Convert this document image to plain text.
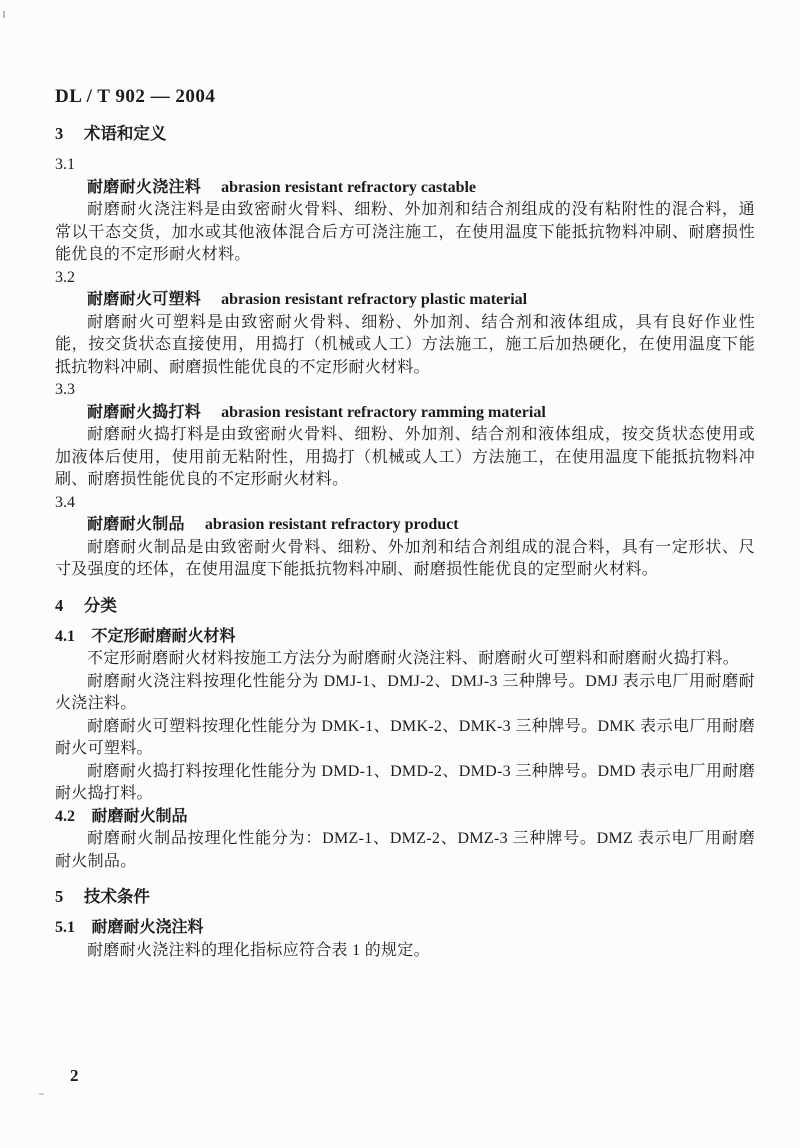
DL / T 902 — 2004
3 术语和定义
3.1
耐磨耐火浇注料 abrasion resistant refractory castable

耐磨耐火浇注料是由致密耐火骨料、细粉、外加剂和结合剂组成的没有粘附性的混合料，通常以干态交货，加水或其他液体混合后方可浇注施工，在使用温度下能抵抗物料冲刷、耐磨损性能优良的不定形耐火材料。

3.2
耐磨耐火可塑料 abrasion resistant refractory plastic material

耐磨耐火可塑料是由致密耐火骨料、细粉、外加剂、结合剂和液体组成，具有良好作业性能，按交货状态直接使用，用捣打（机械或人工）方法施工，施工后加热硬化，在使用温度下能抵抗物料冲刷、耐磨损性能优良的不定形耐火材料。

3.3
耐磨耐火捣打料 abrasion resistant refractory ramming material

耐磨耐火捣打料是由致密耐火骨料、细粉、外加剂、结合剂和液体组成，按交货状态使用或加液体后使用，使用前无粘附性，用捣打（机械或人工）方法施工，在使用温度下能抵抗物料冲刷、耐磨损性能优良的不定形耐火材料。

3.4
耐磨耐火制品 abrasion resistant refractory product

耐磨耐火制品是由致密耐火骨料、细粉、外加剂和结合剂组成的混合料，具有一定形状、尺寸及强度的坯体，在使用温度下能抵抗物料冲刷、耐磨损性能优良的定型耐火材料。

4 分类
4.1 不定形耐磨耐火材料

不定形耐磨耐火材料按施工方法分为耐磨耐火浇注料、耐磨耐火可塑料和耐磨耐火捣打料。

耐磨耐火浇注料按理化性能分为 DMJ-1、DMJ-2、DMJ-3 三种牌号。DMJ 表示电厂用耐磨耐火浇注料。

耐磨耐火可塑料按理化性能分为 DMK-1、DMK-2、DMK-3 三种牌号。DMK 表示电厂用耐磨耐火可塑料。

耐磨耐火捣打料按理化性能分为 DMD-1、DMD-2、DMD-3 三种牌号。DMD 表示电厂用耐磨耐火捣打料。

4.2 耐磨耐火制品

耐磨耐火制品按理化性能分为：DMZ-1、DMZ-2、DMZ-3 三种牌号。DMZ 表示电厂用耐磨耐火制品。

5 技术条件
5.1 耐磨耐火浇注料

耐磨耐火浇注料的理化指标应符合表 1 的规定。

2
